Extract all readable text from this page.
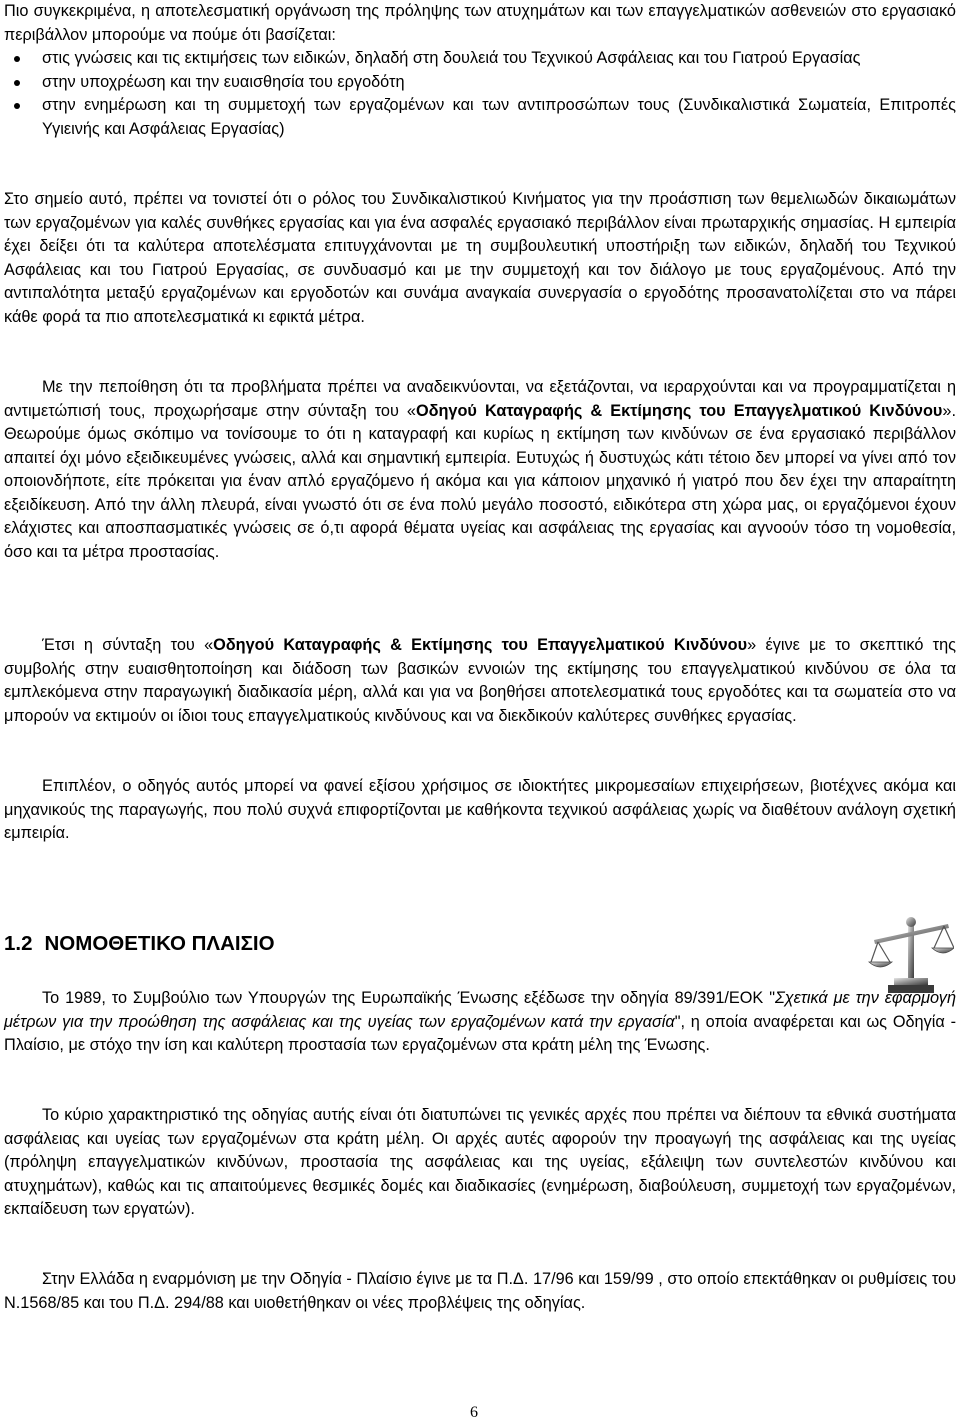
Πιο συγκεκριμένα, η αποτελεσματική οργάνωση της πρόληψης των ατυχημάτων και των επαγγελματικών ασθενειών στο εργασιακό περιβάλλον μπορούμε να πούμε ότι βασίζεται:

στις γνώσεις και τις εκτιμήσεις των ειδικών, δηλαδή στη δουλειά του Τεχνικού Ασφάλειας και του Γιατρού Εργασίας
στην υποχρέωση και την ευαισθησία του εργοδότη
στην ενημέρωση και τη συμμετοχή των εργαζομένων και των αντιπροσώπων τους (Συνδικαλιστικά Σωματεία, Επιτροπές Υγιεινής και Ασφάλειας Εργασίας)

Στο σημείο αυτό, πρέπει να τονιστεί ότι ο ρόλος του Συνδικαλιστικού Κινήματος για την προάσπιση των θεμελιωδών δικαιωμάτων των εργαζομένων για καλές συνθήκες εργασίας και για ένα ασφαλές εργασιακό περιβάλλον είναι πρωταρχικής σημασίας. Η εμπειρία έχει δείξει ότι τα καλύτερα αποτελέσματα επιτυγχάνονται με τη συμβουλευτική υποστήριξη των ειδικών, δηλαδή του Τεχνικού Ασφάλειας και του Γιατρού Εργασίας, σε συνδυασμό και με την συμμετοχή και τον διάλογο με τους εργαζομένους. Από την αντιπαλότητα μεταξύ εργαζομένων και εργοδοτών και συνάμα αναγκαία συνεργασία ο εργοδότης προσανατολίζεται στο να πάρει κάθε φορά τα πιο αποτελεσματικά κι εφικτά μέτρα.

Με την πεποίθηση ότι τα προβλήματα πρέπει να αναδεικνύονται, να εξετάζονται, να ιεραρχούνται και να προγραμματίζεται η αντιμετώπισή τους, προχωρήσαμε στην σύνταξη του «Οδηγού Καταγραφής & Εκτίμησης του Επαγγελματικού Κινδύνου». Θεωρούμε όμως σκόπιμο να τονίσουμε το ότι η καταγραφή και κυρίως η εκτίμηση των κινδύνων σε ένα εργασιακό περιβάλλον απαιτεί όχι μόνο εξειδικευμένες γνώσεις, αλλά και σημαντική εμπειρία. Ευτυχώς ή δυστυχώς κάτι τέτοιο δεν μπορεί να γίνει από τον οποιονδήποτε, είτε πρόκειται για έναν απλό εργαζόμενο ή ακόμα και για κάποιον μηχανικό ή γιατρό που δεν έχει την απαραίτητη εξειδίκευση. Από την άλλη πλευρά, είναι γνωστό ότι σε ένα πολύ μεγάλο ποσοστό, ειδικότερα στη χώρα μας, οι εργαζόμενοι έχουν ελάχιστες και αποσπασματικές γνώσεις σε ό,τι αφορά θέματα υγείας και ασφάλειας της εργασίας και αγνοούν τόσο τη νομοθεσία, όσο και τα μέτρα προστασίας.

Έτσι η σύνταξη του «Οδηγού Καταγραφής & Εκτίμησης του Επαγγελματικού Κινδύνου» έγινε με το σκεπτικό της συμβολής στην ευαισθητοποίηση και διάδοση των βασικών εννοιών της εκτίμησης του επαγγελματικού κινδύνου σε όλα τα εμπλεκόμενα στην παραγωγική διαδικασία μέρη, αλλά και για να βοηθήσει αποτελεσματικά τους εργοδότες και τα σωματεία στο να μπορούν να εκτιμούν οι ίδιοι τους επαγγελματικούς κινδύνους και να διεκδικούν καλύτερες συνθήκες εργασίας.

Επιπλέον, ο οδηγός αυτός μπορεί να φανεί εξίσου χρήσιμος σε ιδιοκτήτες μικρομεσαίων επιχειρήσεων, βιοτέχνες ακόμα και μηχανικούς της παραγωγής, που πολύ συχνά επιφορτίζονται με καθήκοντα τεχνικού ασφάλειας χωρίς να διαθέτουν ανάλογη σχετική εμπειρία.

1.2 ΝΟΜΟΘΕΤΙΚΟ ΠΛΑΙΣΙΟ

Το 1989, το Συμβούλιο των Υπουργών της Ευρωπαϊκής Ένωσης εξέδωσε την οδηγία 89/391/ΕΟΚ "Σχετικά με την εφαρμογή μέτρων για την προώθηση της ασφάλειας και της υγείας των εργαζομένων κατά την εργασία", η οποία αναφέρεται και ως Οδηγία - Πλαίσιο, με στόχο την ίση και καλύτερη προστασία των εργαζομένων στα κράτη μέλη της Ένωσης.

Το κύριο χαρακτηριστικό της οδηγίας αυτής είναι ότι διατυπώνει τις γενικές αρχές που πρέπει να διέπουν τα εθνικά συστήματα ασφάλειας και υγείας των εργαζομένων στα κράτη μέλη. Οι αρχές αυτές αφορούν την προαγωγή της ασφάλειας και της υγείας (πρόληψη επαγγελματικών κινδύνων, προστασία της ασφάλειας και της υγείας, εξάλειψη των συντελεστών κινδύνου και ατυχημάτων), καθώς και τις απαιτούμενες θεσμικές δομές και διαδικασίες (ενημέρωση, διαβούλευση, συμμετοχή των εργαζομένων, εκπαίδευση των εργατών).

Στην Ελλάδα η εναρμόνιση με την Οδηγία - Πλαίσιο έγινε με τα Π.Δ. 17/96 και 159/99 , στο οποίο επεκτάθηκαν οι ρυθμίσεις του Ν.1568/85 και του Π.Δ. 294/88 και υιοθετήθηκαν οι νέες προβλέψεις της οδηγίας.

6
